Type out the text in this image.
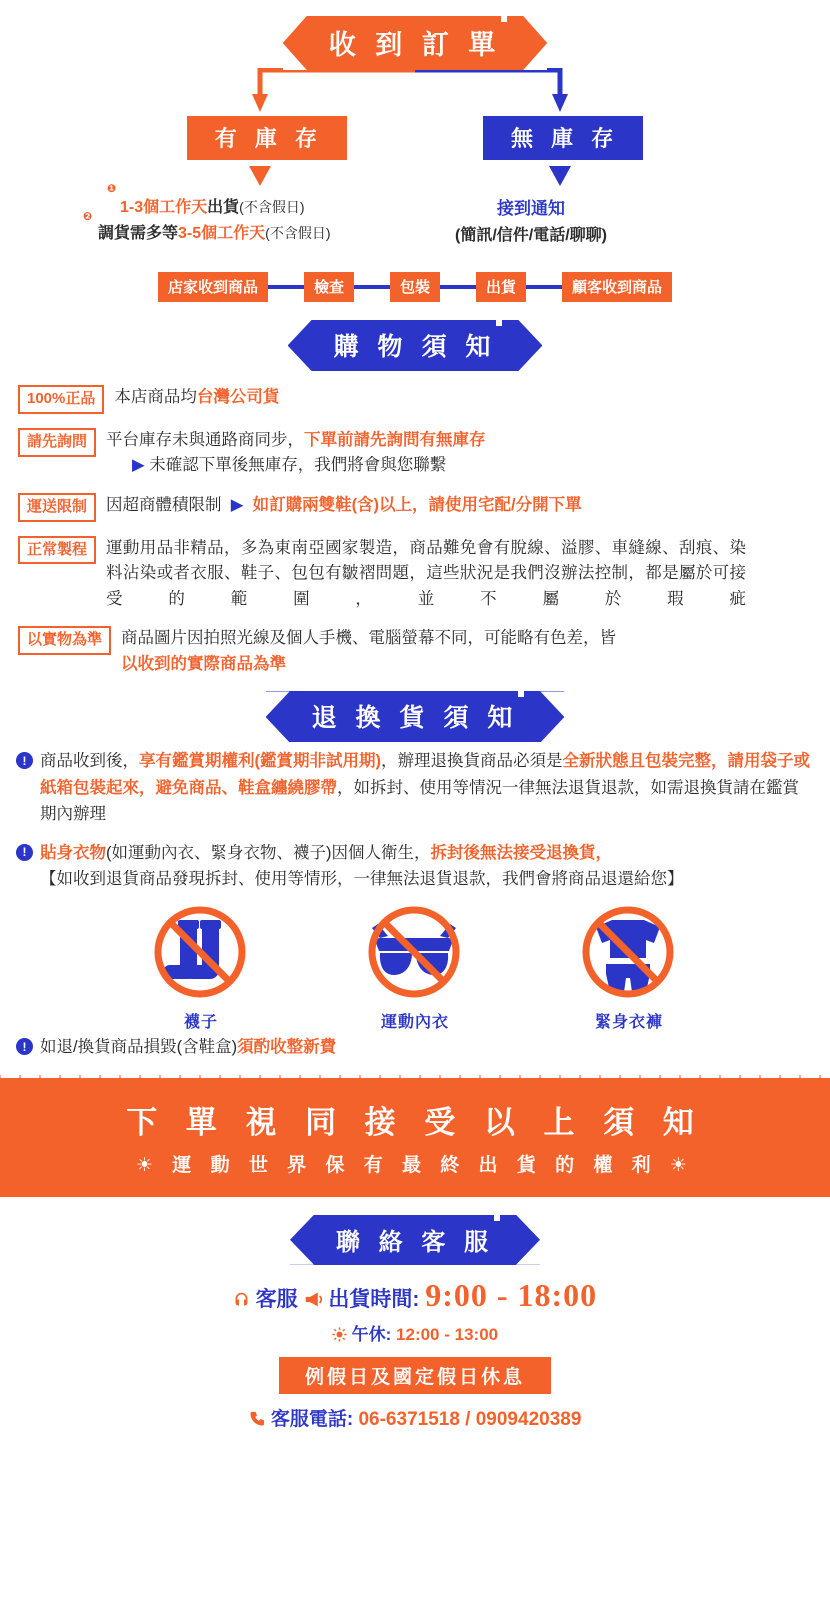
收 到 訂 單
有 庫 存	無 庫 存
❶
1-3個工作天出貨(不含假日)
❷
調貨需多等3-5個工作天(不含假日)
接到通知
(簡訊/信件/電話/聊聊)
店家收到商品	檢查	包裝	出貨	顧客收到商品
購 物 須 知
100%正品	本店商品均台灣公司貨
請先詢問	平台庫存未與通路商同步，下單前請先詢問有無庫存
▶ 未確認下單後無庫存，我們將會與您聯繫
運送限制	因超商體積限制  ▶ 如訂購兩雙鞋(含)以上，請使用宅配/分開下單
正常製程	運動用品非精品，多為東南亞國家製造，商品難免會有脫線、溢膠、車縫線、刮痕、染料沾染或者衣服、鞋子、包包有皺褶問題，這些狀況是我們沒辦法控制，都是屬於可接受的範圍，並不屬於瑕疵
以實物為準	商品圖片因拍照光線及個人手機、電腦螢幕不同，可能略有色差，皆
以收到的實際商品為準
退 換 貨 須 知
! 商品收到後，享有鑑賞期權利(鑑賞期非試用期)，辦理退換貨商品必須是全新狀態且包裝完整，請用袋子或紙箱包裝起來，避免商品、鞋盒纏繞膠帶，如拆封、使用等情況一律無法退貨退款，如需退換貨請在鑑賞期內辦理
! 貼身衣物(如運動內衣、緊身衣物、襪子)因個人衛生，拆封後無法接受退換貨，
【如收到退貨商品發現拆封、使用等情形，一律無法退貨退款，我們會將商品退還給您】
襪子	運動內衣	緊身衣褲
! 如退/換貨商品損毀(含鞋盒)須酌收整新費
下 單 視 同 接 受 以 上 須 知
☀ 運 動 世 界 保 有 最 終 出 貨 的 權 利 ☀
聯 絡 客 服
客服 出貨時間: 9:00 - 18:00
午休: 12:00 - 13:00
例假日及國定假日休息
客服電話: 06-6371518 / 0909420389
